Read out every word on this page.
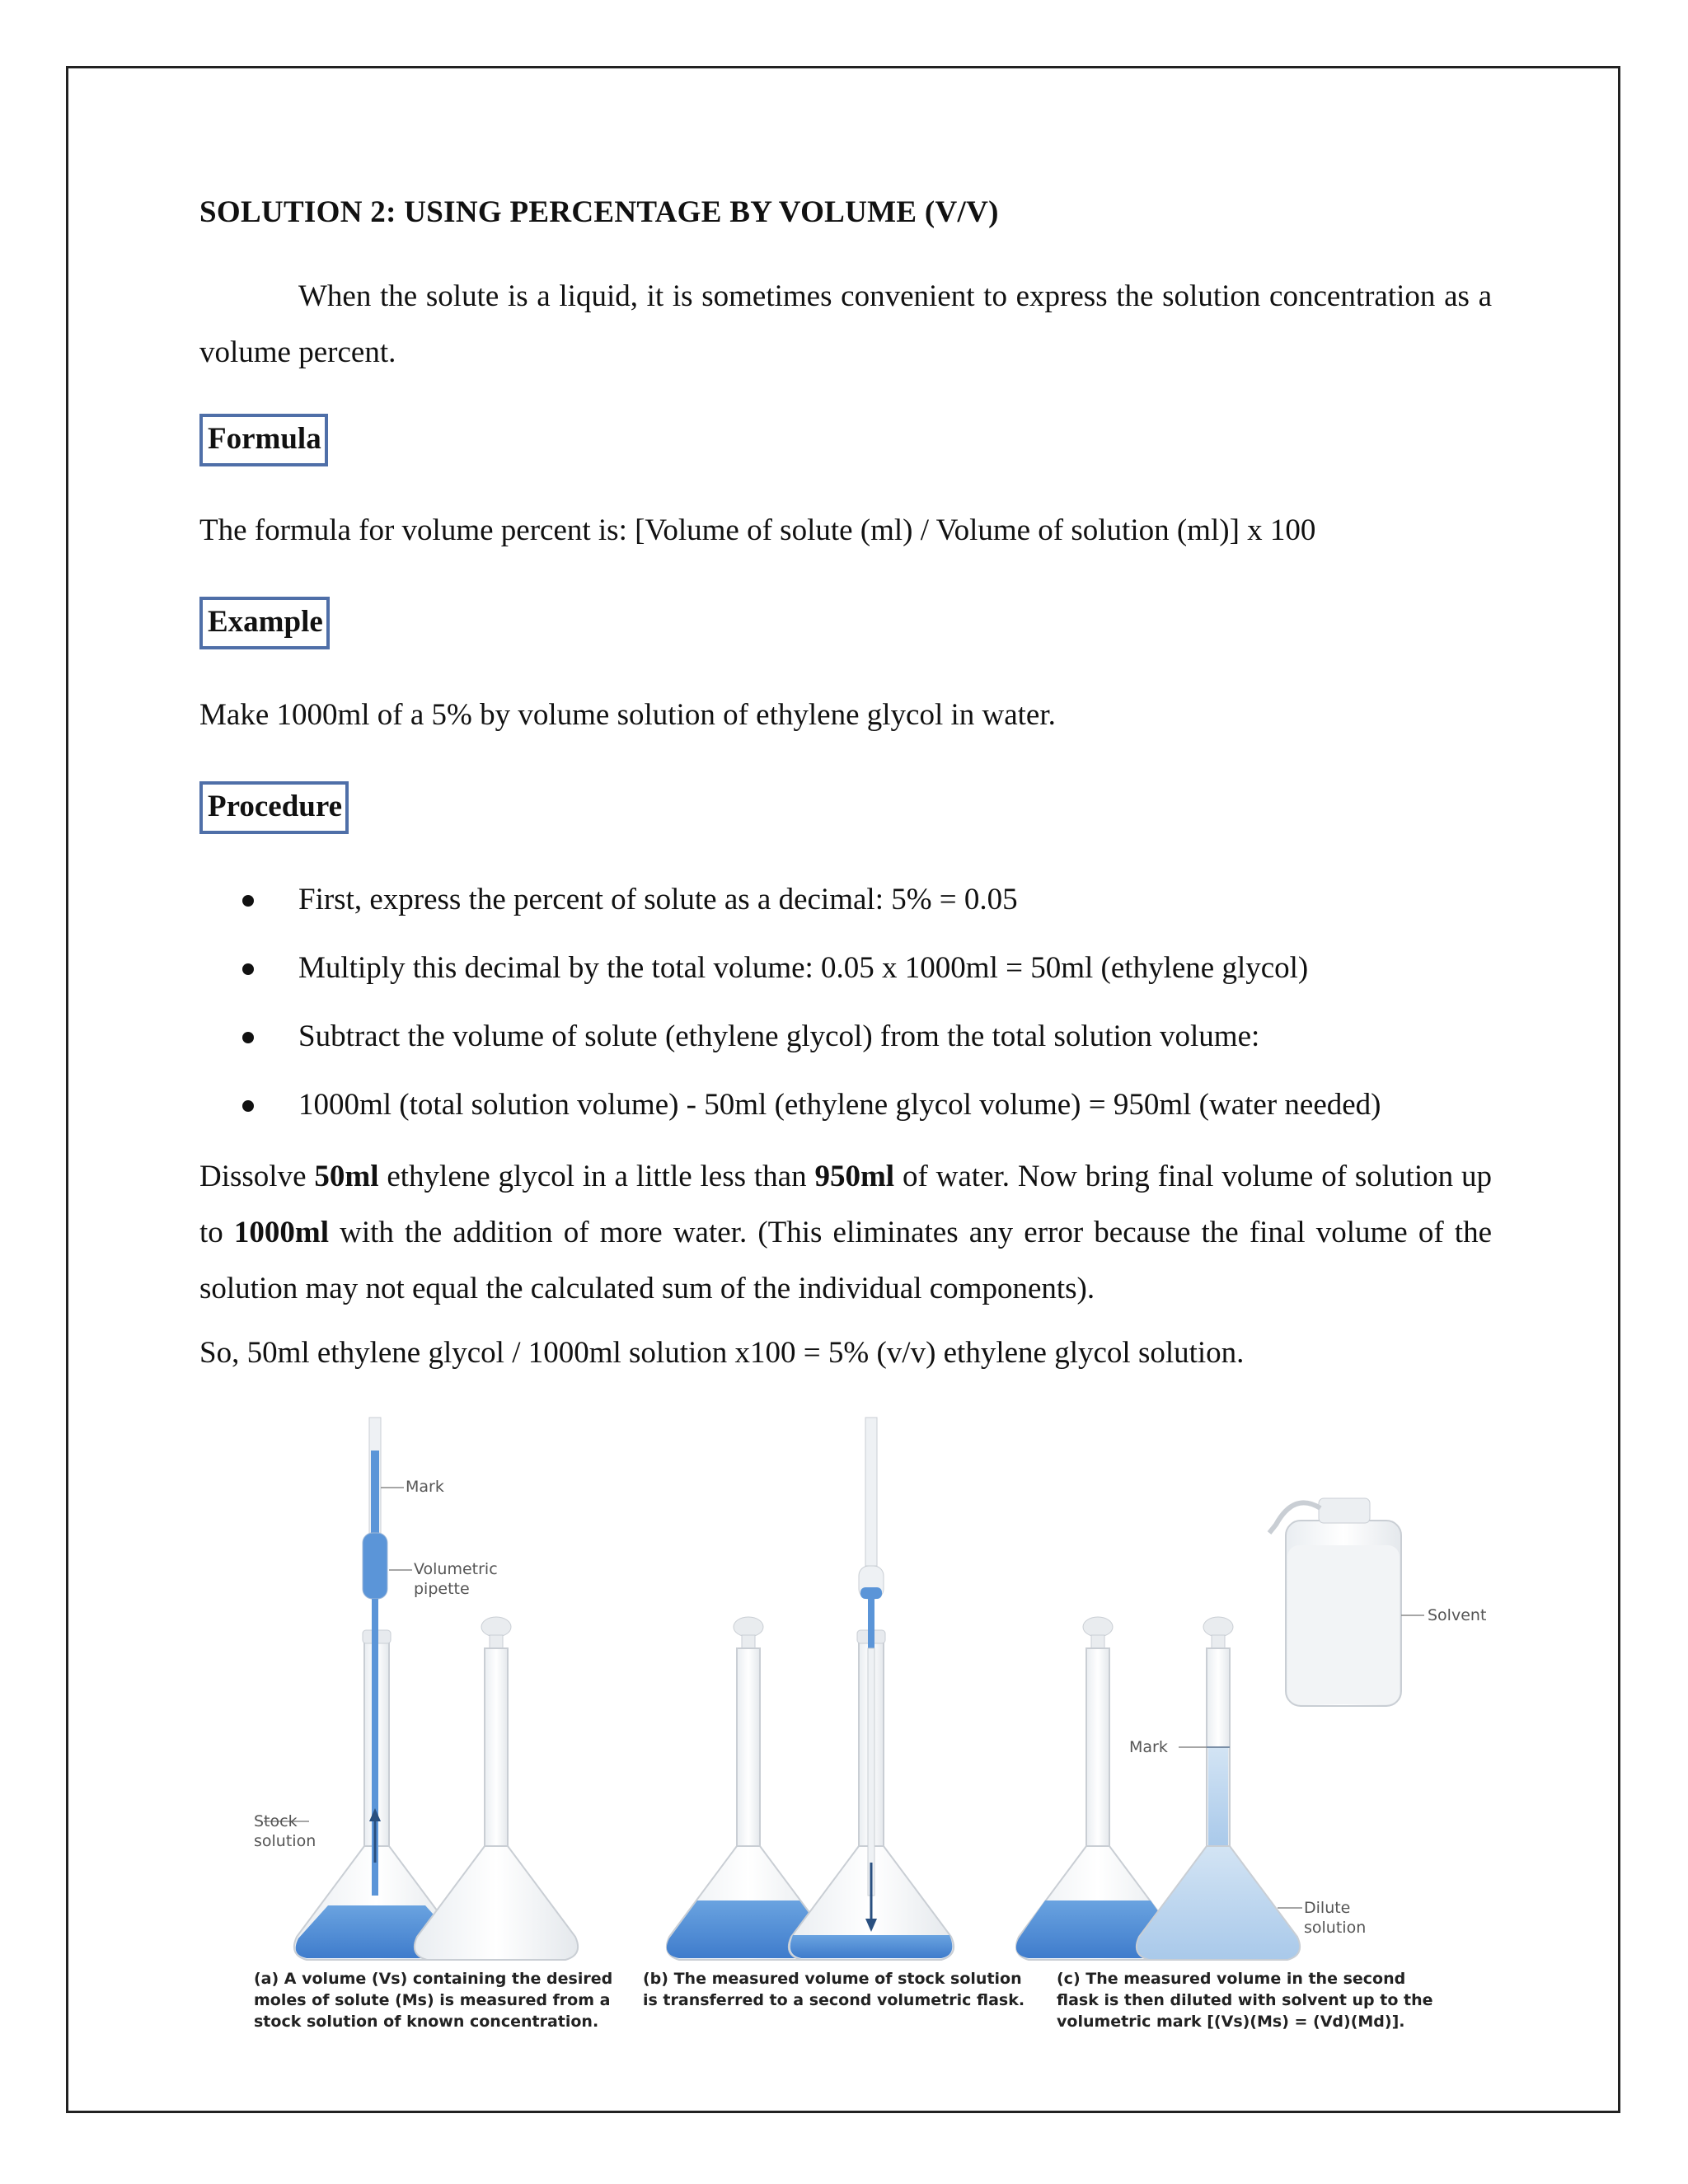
SOLUTION 2: USING PERCENTAGE BY VOLUME (V/V)
When the solute is a liquid, it is sometimes convenient to express the solution concentration as a volume percent.
Formula
The formula for volume percent is: [Volume of solute (ml) / Volume of solution (ml)] x 100
Example
Make 1000ml of a 5% by volume solution of ethylene glycol in water.
Procedure
First, express the percent of solute as a decimal: 5% = 0.05
Multiply this decimal by the total volume: 0.05 x 1000ml = 50ml (ethylene glycol)
Subtract the volume of solute (ethylene glycol) from the total solution volume:
1000ml (total solution volume) - 50ml (ethylene glycol volume) = 950ml (water needed)
Dissolve 50ml ethylene glycol in a little less than 950ml of water. Now bring final volume of solution up to 1000ml with the addition of more water. (This eliminates any error because the final volume of the solution may not equal the calculated sum of the individual components).
So, 50ml ethylene glycol / 1000ml solution x100 = 5% (v/v) ethylene glycol solution.
Mark
Volumetric
pipette
Stock
solution
Mark
Solvent
Dilute
solution
(a) A volume (Vs) containing the desired
moles of solute (Ms) is measured from a
stock solution of known concentration.
(b) The measured volume of stock solution
is transferred to a second volumetric flask.
(c) The measured volume in the second
flask is then diluted with solvent up to the
volumetric mark [(Vs)(Ms) = (Vd)(Md)].
